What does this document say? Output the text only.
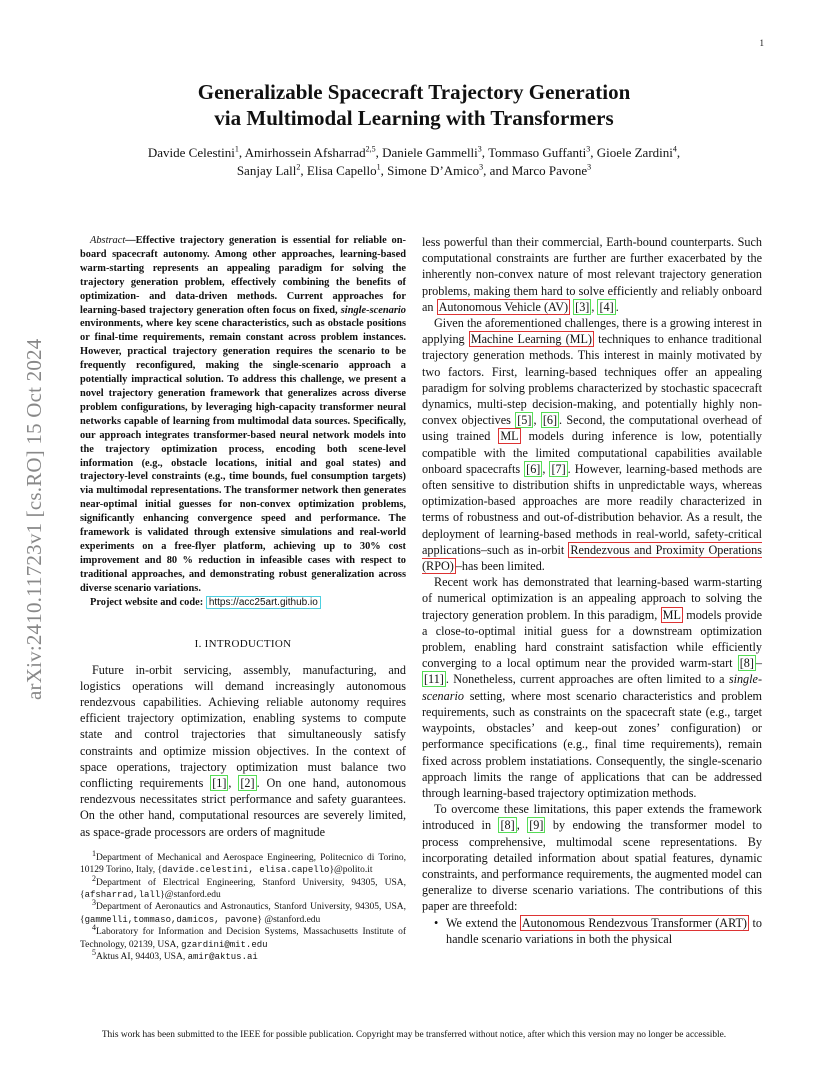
1
arXiv:2410.11723v1 [cs.RO] 15 Oct 2024
Generalizable Spacecraft Trajectory Generation
via Multimodal Learning with Transformers
Davide Celestini$^1$, Amirhossein Afsharrad$^{2,5}$, Daniele Gammelli$^3$, Tommaso Guffanti$^3$, Gioele Zardini$^4$,
Sanjay Lall$^2$, Elisa Capello$^1$, Simone D’Amico$^3$, and Marco Pavone$^3$

Abstract—Effective trajectory generation is essential for reliable on-board spacecraft autonomy. Among other approaches, learning-based warm-starting represents an appealing paradigm for solving the trajectory generation problem, effectively combining the benefits of optimization- and data-driven methods. Current approaches for learning-based trajectory generation often focus on fixed, single-scenario environments, where key scene characteristics, such as obstacle positions or final-time requirements, remain constant across problem instances. However, practical trajectory generation requires the scenario to be frequently reconfigured, making the single-scenario approach a potentially impractical solution. To address this challenge, we present a novel trajectory generation framework that generalizes across diverse problem configurations, by leveraging high-capacity transformer neural networks capable of learning from multimodal data sources. Specifically, our approach integrates transformer-based neural network models into the trajectory optimization process, encoding both scene-level information (e.g., obstacle locations, initial and goal states) and trajectory-level constraints (e.g., time bounds, fuel consumption targets) via multimodal representations. The transformer network then generates near-optimal initial guesses for non-convex optimization problems, significantly enhancing convergence speed and performance. The framework is validated through extensive simulations and real-world experiments on a free-flyer platform, achieving up to 30% cost improvement and 80 % reduction in infeasible cases with respect to traditional approaches, and demonstrating robust generalization across diverse scenario variations.

Project website and code: https://acc25art.github.io

I. INTRODUCTION

Future in-orbit servicing, assembly, manufacturing, and logistics operations will demand increasingly autonomous rendezvous capabilities. Achieving reliable autonomy requires efficient trajectory optimization, enabling systems to compute state and control trajectories that simultaneously satisfy constraints and optimize mission objectives. In the context of space operations, trajectory optimization must balance two conflicting requirements [1] , [2] . On one hand, autonomous rendezvous necessitates strict performance and safety guarantees. On the other hand, computational resources are severely limited, as space-grade processors are orders of magnitude

$^1$Department of Mechanical and Aerospace Engineering, Politecnico di Torino, 10129 Torino, Italy, {davide.celestini, elisa.capello}@polito.it

$^2$Department of Electrical Engineering, Stanford University, 94305, USA, {afsharrad,lall}@stanford.edu

$^3$Department of Aeronautics and Astronautics, Stanford University, 94305, USA, {gammelli,tommaso,damicos, pavone} @stanford.edu

$^4$Laboratory for Information and Decision Systems, Massachusetts Institute of Technology, 02139, USA, gzardini@mit.edu

$^5$Aktus AI, 94403, USA, amir@aktus.ai

less powerful than their commercial, Earth-bound counterparts. Such computational constraints are further are further exacerbated by the inherently non-convex nature of most relevant trajectory generation problems, making them hard to solve efficiently and reliably onboard an Autonomous Vehicle (AV) [3] , [4] .

Given the aforementioned challenges, there is a growing interest in applying Machine Learning (ML) techniques to enhance traditional trajectory generation methods. This interest in mainly motivated by two factors. First, learning-based techniques offer an appealing paradigm for solving problems characterized by stochastic spacecraft dynamics, multi-step decision-making, and potentially highly non-convex objectives [5] , [6] . Second, the computational overhead of using trained ML models during inference is low, potentially compatible with the limited computational capabilities available onboard spacecrafts [6] , [7] . However, learning-based methods are often sensitive to distribution shifts in unpredictable ways, whereas optimization-based approaches are more readily characterized in terms of robustness and out-of-distribution behavior. As a result, the deployment of learning-based methods in real-world, safety-critical applications–such as in-orbit Rendezvous and Proximity Operations (RPO) –has been limited.

Recent work has demonstrated that learning-based warm-starting of numerical optimization is an appealing approach to solving the trajectory generation problem. In this paradigm, ML models provide a close-to-optimal initial guess for a downstream optimization problem, enabling hard constraint satisfaction while efficiently converging to a local optimum near the provided warm-start [8] –[11] . Nonetheless, current approaches are often limited to a single-scenario setting, where most scenario characteristics and problem requirements, such as constraints on the spacecraft state (e.g., target waypoints, obstacles’ and keep-out zones’ configuration) or performance specifications (e.g., final time requirements), remain fixed across problem instatiations. Consequently, the single-scenario approach limits the range of applications that can be addressed through learning-based trajectory optimization methods.

To overcome these limitations, this paper extends the framework introduced in [8] , [9] by endowing the transformer model to process comprehensive, multimodal scene representations. By incorporating detailed information about spatial features, dynamic constraints, and performance requirements, the augmented model can generalize to diverse scenario variations. The contributions of this paper are threefold:

• We extend the Autonomous Rendezvous Transformer (ART) to handle scenario variations in both the physical
This work has been submitted to the IEEE for possible publication. Copyright may be transferred without notice, after which this version may no longer be accessible.
